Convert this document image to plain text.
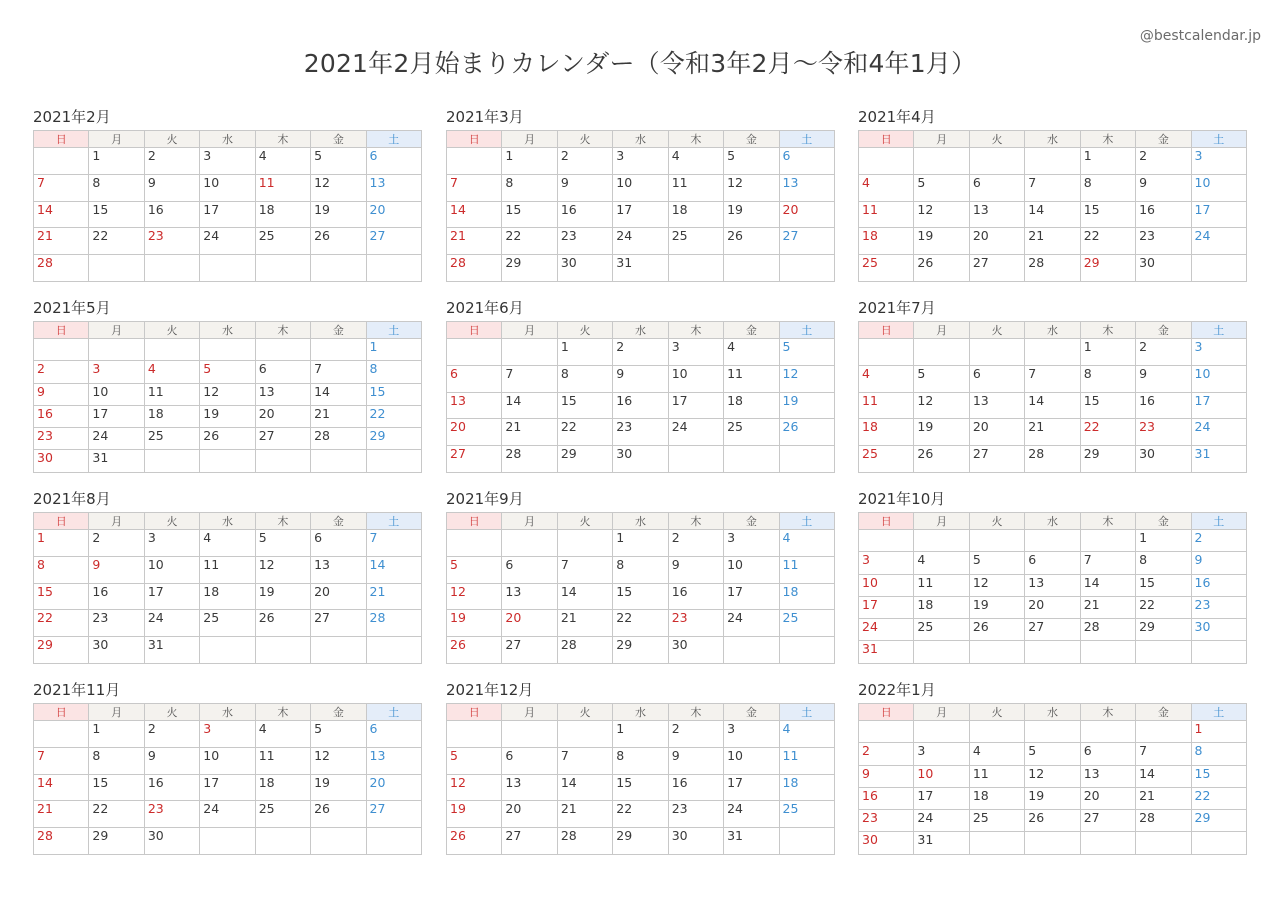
2021年2月始まりカレンダー（令和3年2月〜令和4年1月）
@bestcalendar.jp
2021年2月
日	月	火	水	木	金	土
	1	2	3	4	5	6
7	8	9	10	11	12	13
14	15	16	17	18	19	20
21	22	23	24	25	26	27
28						
2021年3月
日	月	火	水	木	金	土
	1	2	3	4	5	6
7	8	9	10	11	12	13
14	15	16	17	18	19	20
21	22	23	24	25	26	27
28	29	30	31			
2021年4月
日	月	火	水	木	金	土
				1	2	3
4	5	6	7	8	9	10
11	12	13	14	15	16	17
18	19	20	21	22	23	24
25	26	27	28	29	30	
2021年5月
日	月	火	水	木	金	土
						1
2	3	4	5	6	7	8
9	10	11	12	13	14	15
16	17	18	19	20	21	22
23	24	25	26	27	28	29
30	31					
2021年6月
日	月	火	水	木	金	土
		1	2	3	4	5
6	7	8	9	10	11	12
13	14	15	16	17	18	19
20	21	22	23	24	25	26
27	28	29	30			
2021年7月
日	月	火	水	木	金	土
				1	2	3
4	5	6	7	8	9	10
11	12	13	14	15	16	17
18	19	20	21	22	23	24
25	26	27	28	29	30	31
2021年8月
日	月	火	水	木	金	土
1	2	3	4	5	6	7
8	9	10	11	12	13	14
15	16	17	18	19	20	21
22	23	24	25	26	27	28
29	30	31				
2021年9月
日	月	火	水	木	金	土
			1	2	3	4
5	6	7	8	9	10	11
12	13	14	15	16	17	18
19	20	21	22	23	24	25
26	27	28	29	30		
2021年10月
日	月	火	水	木	金	土
					1	2
3	4	5	6	7	8	9
10	11	12	13	14	15	16
17	18	19	20	21	22	23
24	25	26	27	28	29	30
31						
2021年11月
日	月	火	水	木	金	土
	1	2	3	4	5	6
7	8	9	10	11	12	13
14	15	16	17	18	19	20
21	22	23	24	25	26	27
28	29	30				
2021年12月
日	月	火	水	木	金	土
			1	2	3	4
5	6	7	8	9	10	11
12	13	14	15	16	17	18
19	20	21	22	23	24	25
26	27	28	29	30	31	
2022年1月
日	月	火	水	木	金	土
						1
2	3	4	5	6	7	8
9	10	11	12	13	14	15
16	17	18	19	20	21	22
23	24	25	26	27	28	29
30	31					
